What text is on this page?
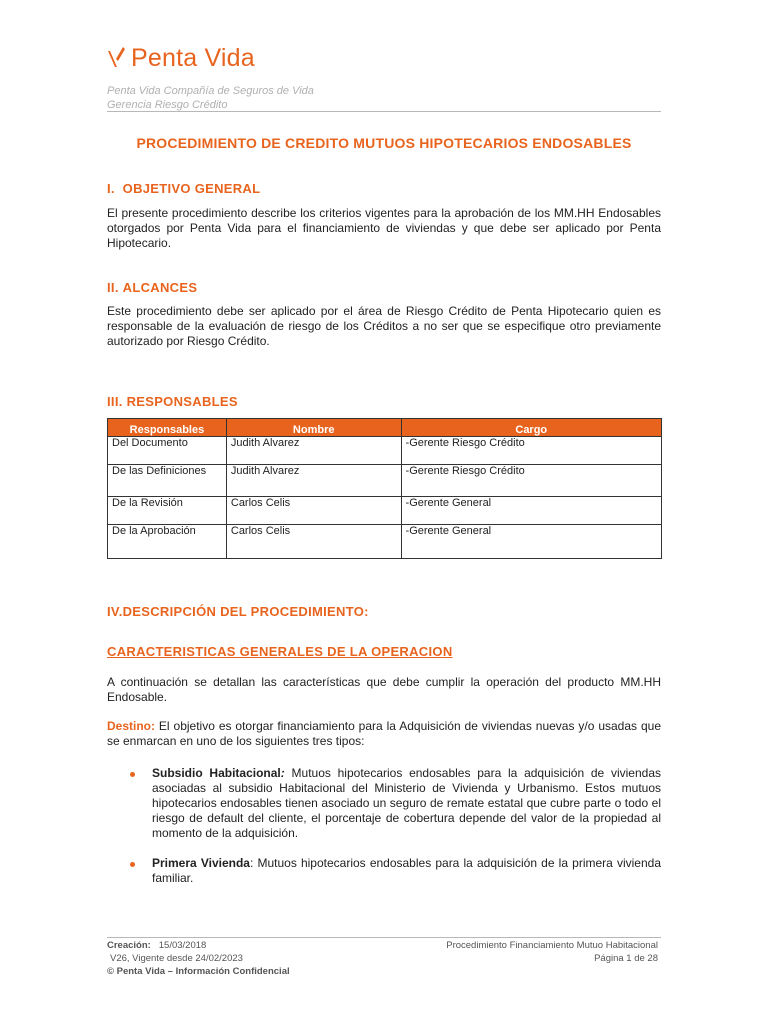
Penta Vida
Penta Vida Compañía de Seguros de Vida
Gerencia Riesgo Crédito
PROCEDIMIENTO DE CREDITO MUTUOS HIPOTECARIOS ENDOSABLES
I. OBJETIVO GENERAL
El presente procedimiento describe los criterios vigentes para la aprobación de los MM.HH Endosables otorgados por Penta Vida para el financiamiento de viviendas y que debe ser aplicado por Penta Hipotecario.
II. ALCANCES
Este procedimiento debe ser aplicado por el área de Riesgo Crédito de Penta Hipotecario quien es responsable de la evaluación de riesgo de los Créditos a no ser que se especifique otro previamente autorizado por Riesgo Crédito.
III. RESPONSABLES
Responsables	Nombre	Cargo
Del Documento	Judith Alvarez	-Gerente Riesgo Crédito
De las Definiciones	Judith Alvarez	-Gerente Riesgo Crédito
De la Revisión	Carlos Celis	-Gerente General
De la Aprobación	Carlos Celis	-Gerente General
IV.DESCRIPCIÓN DEL PROCEDIMIENTO:
CARACTERISTICAS GENERALES DE LA OPERACION
A continuación se detallan las características que debe cumplir la operación del producto MM.HH Endosable.
Destino: El objetivo es otorgar financiamiento para la Adquisición de viviendas nuevas y/o usadas que se enmarcan en uno de los siguientes tres tipos:
Subsidio Habitacional: Mutuos hipotecarios endosables para la adquisición de viviendas asociadas al subsidio Habitacional del Ministerio de Vivienda y Urbanismo. Estos mutuos hipotecarios endosables tienen asociado un seguro de remate estatal que cubre parte o todo el riesgo de default del cliente, el porcentaje de cobertura depende del valor de la propiedad al momento de la adquisición.
Primera Vivienda: Mutuos hipotecarios endosables para la adquisición de la primera vivienda familiar.
Creación: 15/03/2018
V26, Vigente desde 24/02/2023
© Penta Vida – Información Confidencial
Procedimiento Financiamiento Mutuo Habitacional
Página 1 de 28
